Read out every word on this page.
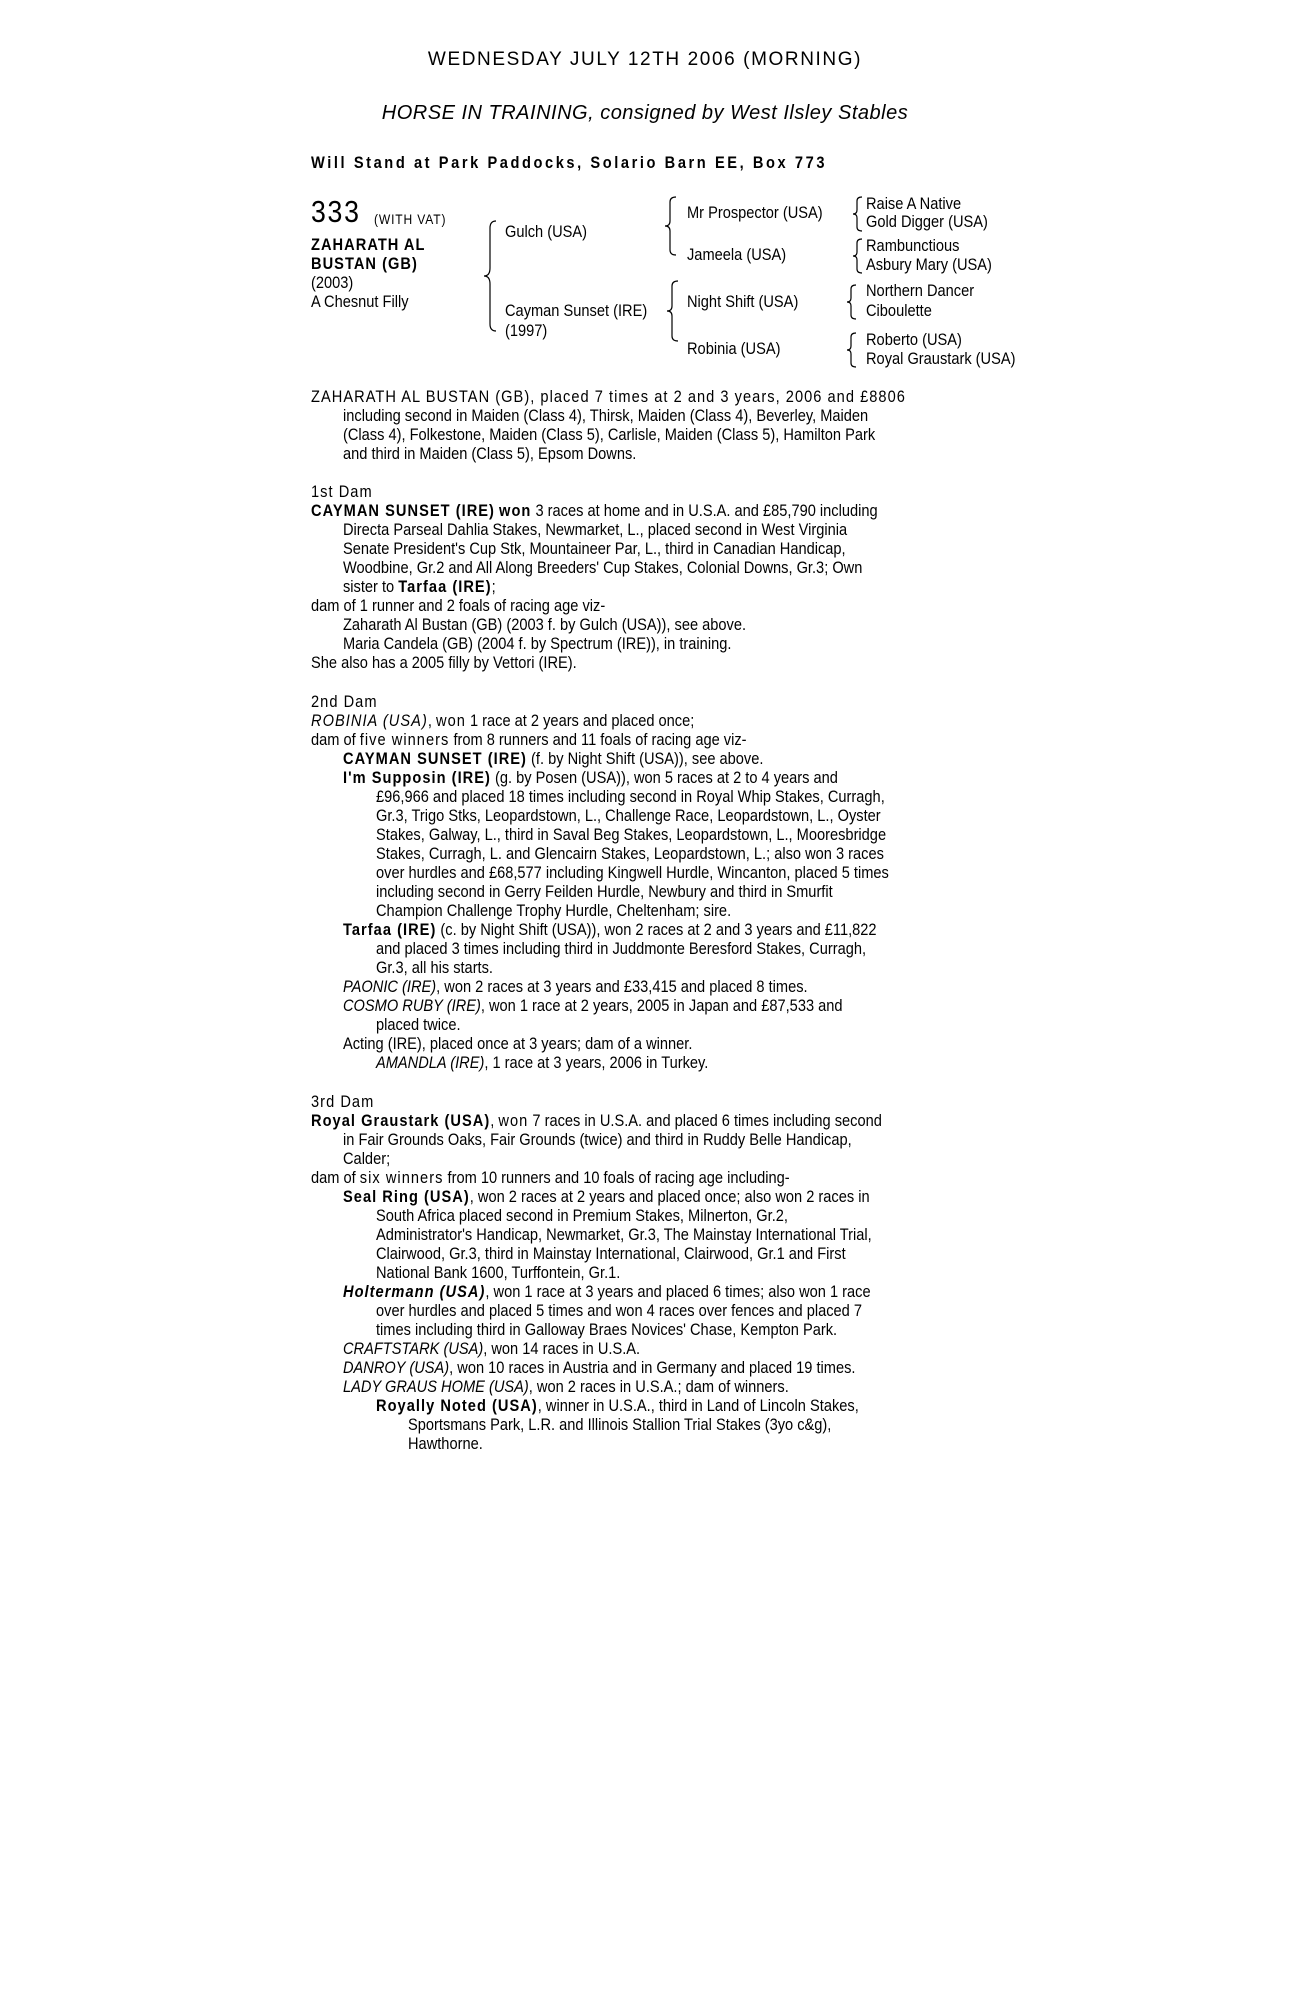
WEDNESDAY JULY 12TH 2006 (MORNING)
HORSE IN TRAINING, consigned by West Ilsley Stables
Will Stand at Park Paddocks, Solario Barn EE, Box 773
333 (WITH VAT)
ZAHARATH AL
BUSTAN (GB)
(2003)
A Chesnut Filly
Gulch (USA)
Cayman Sunset (IRE)
(1997)
Mr Prospector (USA)
Jameela (USA)
Night Shift (USA)
Robinia (USA)
Raise A Native
Gold Digger (USA)
Rambunctious
Asbury Mary (USA)
Northern Dancer
Ciboulette
Roberto (USA)
Royal Graustark (USA)
ZAHARATH AL BUSTAN (GB), placed 7 times at 2 and 3 years, 2006 and £8806
including second in Maiden (Class 4), Thirsk, Maiden (Class 4), Beverley, Maiden
(Class 4), Folkestone, Maiden (Class 5), Carlisle, Maiden (Class 5), Hamilton Park
and third in Maiden (Class 5), Epsom Downs.
1st Dam
CAYMAN SUNSET (IRE) won 3 races at home and in U.S.A. and £85,790 including
Directa Parseal Dahlia Stakes, Newmarket, L., placed second in West Virginia
Senate President's Cup Stk, Mountaineer Par, L., third in Canadian Handicap,
Woodbine, Gr.2 and All Along Breeders' Cup Stakes, Colonial Downs, Gr.3; Own
sister to Tarfaa (IRE);
dam of 1 runner and 2 foals of racing age viz-
Zaharath Al Bustan (GB) (2003 f. by Gulch (USA)), see above.
Maria Candela (GB) (2004 f. by Spectrum (IRE)), in training.
She also has a 2005 filly by Vettori (IRE).
2nd Dam
ROBINIA (USA), won 1 race at 2 years and placed once;
dam of five winners from 8 runners and 11 foals of racing age viz-
CAYMAN SUNSET (IRE) (f. by Night Shift (USA)), see above.
I'm Supposin (IRE) (g. by Posen (USA)), won 5 races at 2 to 4 years and
£96,966 and placed 18 times including second in Royal Whip Stakes, Curragh,
Gr.3, Trigo Stks, Leopardstown, L., Challenge Race, Leopardstown, L., Oyster
Stakes, Galway, L., third in Saval Beg Stakes, Leopardstown, L., Mooresbridge
Stakes, Curragh, L. and Glencairn Stakes, Leopardstown, L.; also won 3 races
over hurdles and £68,577 including Kingwell Hurdle, Wincanton, placed 5 times
including second in Gerry Feilden Hurdle, Newbury and third in Smurfit
Champion Challenge Trophy Hurdle, Cheltenham; sire.
Tarfaa (IRE) (c. by Night Shift (USA)), won 2 races at 2 and 3 years and £11,822
and placed 3 times including third in Juddmonte Beresford Stakes, Curragh,
Gr.3, all his starts.
PAONIC (IRE), won 2 races at 3 years and £33,415 and placed 8 times.
COSMO RUBY (IRE), won 1 race at 2 years, 2005 in Japan and £87,533 and
placed twice.
Acting (IRE), placed once at 3 years; dam of a winner.
AMANDLA (IRE), 1 race at 3 years, 2006 in Turkey.
3rd Dam
Royal Graustark (USA), won 7 races in U.S.A. and placed 6 times including second
in Fair Grounds Oaks, Fair Grounds (twice) and third in Ruddy Belle Handicap,
Calder;
dam of six winners from 10 runners and 10 foals of racing age including-
Seal Ring (USA), won 2 races at 2 years and placed once; also won 2 races in
South Africa placed second in Premium Stakes, Milnerton, Gr.2,
Administrator's Handicap, Newmarket, Gr.3, The Mainstay International Trial,
Clairwood, Gr.3, third in Mainstay International, Clairwood, Gr.1 and First
National Bank 1600, Turffontein, Gr.1.
Holtermann (USA), won 1 race at 3 years and placed 6 times; also won 1 race
over hurdles and placed 5 times and won 4 races over fences and placed 7
times including third in Galloway Braes Novices' Chase, Kempton Park.
CRAFTSTARK (USA), won 14 races in U.S.A.
DANROY (USA), won 10 races in Austria and in Germany and placed 19 times.
LADY GRAUS HOME (USA), won 2 races in U.S.A.; dam of winners.
Royally Noted (USA), winner in U.S.A., third in Land of Lincoln Stakes,
Sportsmans Park, L.R. and Illinois Stallion Trial Stakes (3yo c&g),
Hawthorne.
